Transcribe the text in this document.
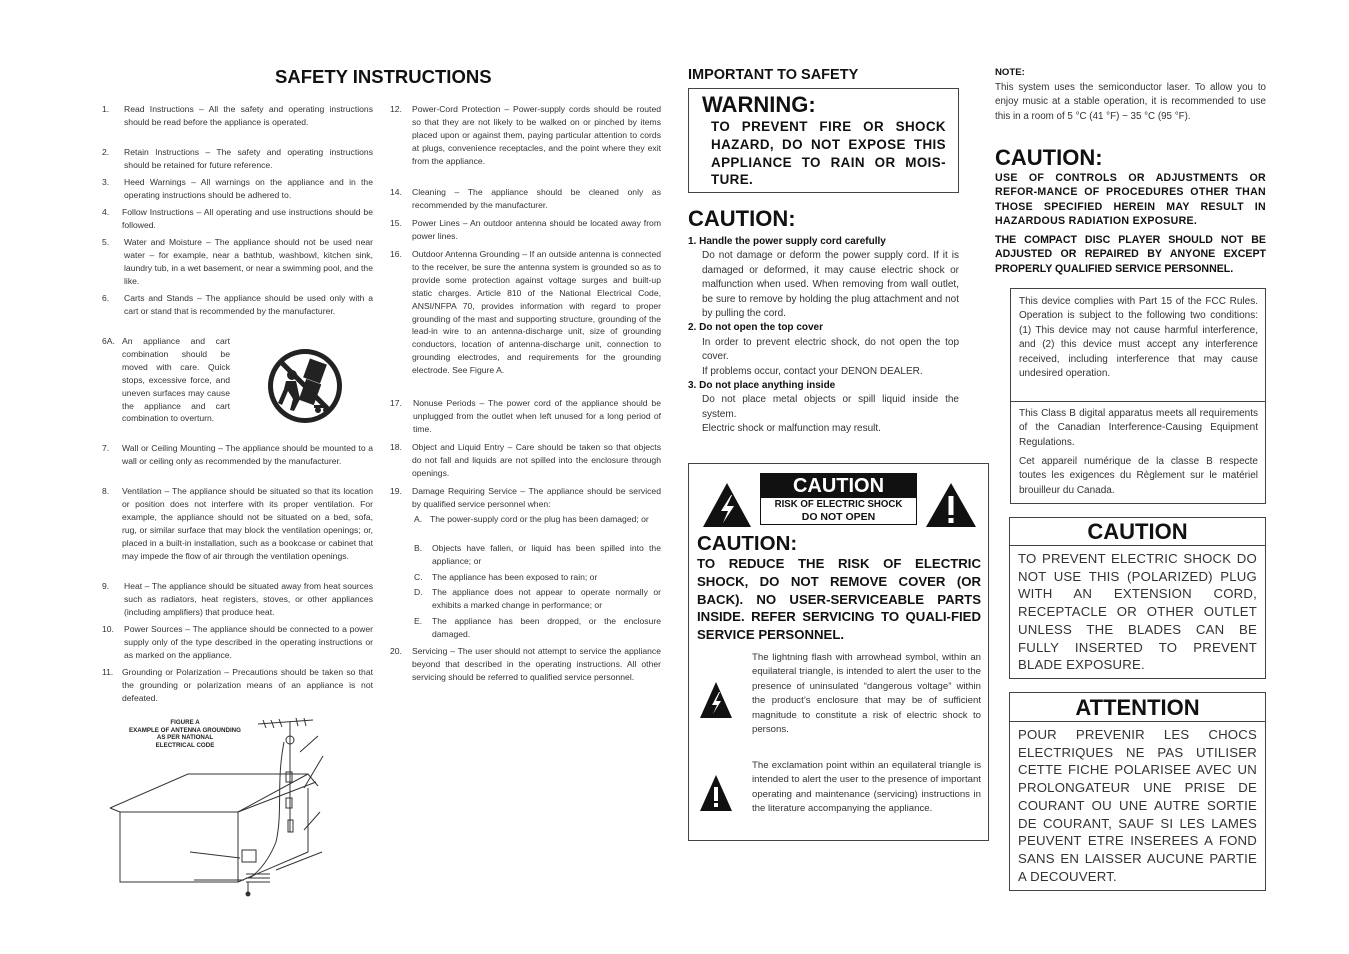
SAFETY INSTRUCTIONS
1. Read Instructions – All the safety and operating instructions should be read before the appliance is operated.
2. Retain Instructions – The safety and operating instructions should be retained for future reference.
3. Heed Warnings – All warnings on the appliance and in the operating instructions should be adhered to.
4. Follow Instructions – All operating and use instructions should be followed.
5. Water and Moisture – The appliance should not be used near water – for example, near a bathtub, washbowl, kitchen sink, laundry tub, in a wet basement, or near a swimming pool, and the like.
6. Carts and Stands – The appliance should be used only with a cart or stand that is recommended by the manufacturer.
6A. An appliance and cart combination should be moved with care. Quick stops, excessive force, and uneven surfaces may cause the appliance and cart combination to overturn.
7. Wall or Ceiling Mounting – The appliance should be mounted to a wall or ceiling only as recommended by the manufacturer.
8. Ventilation – The appliance should be situated so that its location or position does not interfere with its proper ventilation. For example, the appliance should not be situated on a bed, sofa, rug, or similar surface that may block the ventilation openings; or, placed in a built-in installation, such as a bookcase or cabinet that may impede the flow of air through the ventilation openings.
9. Heat – The appliance should be situated away from heat sources such as radiators, heat registers, stoves, or other appliances (including amplifiers) that produce heat.
10. Power Sources – The appliance should be connected to a power supply only of the type described in the operating instructions or as marked on the appliance.
11. Grounding or Polarization – Precautions should be taken so that the grounding or polarization means of an appliance is not defeated.
FIGURE A
EXAMPLE OF ANTENNA GROUNDING
AS PER NATIONAL
ELECTRICAL CODE
12. Power-Cord Protection – Power-supply cords should be routed so that they are not likely to be walked on or pinched by items placed upon or against them, paying particular attention to cords at plugs, convenience receptacles, and the point where they exit from the appliance.
14. Cleaning – The appliance should be cleaned only as recommended by the manufacturer.
15. Power Lines – An outdoor antenna should be located away from power lines.
16. Outdoor Antenna Grounding – If an outside antenna is connected to the receiver, be sure the antenna system is grounded so as to provide some protection against voltage surges and built-up static charges. Article 810 of the National Electrical Code, ANSI/NFPA 70, provides information with regard to proper grounding of the mast and supporting structure, grounding of the lead-in wire to an antenna-discharge unit, size of grounding conductors, location of antenna-discharge unit, connection to grounding electrodes, and requirements for the grounding electrode. See Figure A.
17. Nonuse Periods – The power cord of the appliance should be unplugged from the outlet when left unused for a long period of time.
18. Object and Liquid Entry – Care should be taken so that objects do not fall and liquids are not spilled into the enclosure through openings.
19. Damage Requiring Service – The appliance should be serviced by qualified service personnel when:
A. The power-supply cord or the plug has been damaged; or
B. Objects have fallen, or liquid has been spilled into the appliance; or
C. The appliance has been exposed to rain; or
D. The appliance does not appear to operate normally or exhibits a marked change in performance; or
E. The appliance has been dropped, or the enclosure damaged.
20. Servicing – The user should not attempt to service the appliance beyond that described in the operating instructions. All other servicing should be referred to qualified service personnel.
IMPORTANT TO SAFETY
WARNING:
TO PREVENT FIRE OR SHOCK HAZARD, DO NOT EXPOSE THIS APPLIANCE TO RAIN OR MOIS-TURE.
CAUTION:
1. Handle the power supply cord carefully
Do not damage or deform the power supply cord. If it is damaged or deformed, it may cause electric shock or malfunction when used. When removing from wall outlet, be sure to remove by holding the plug attachment and not by pulling the cord.
2. Do not open the top cover
In order to prevent electric shock, do not open the top cover.
If problems occur, contact your DENON DEALER.
3. Do not place anything inside
Do not place metal objects or spill liquid inside the system.
Electric shock or malfunction may result.
CAUTION
RISK OF ELECTRIC SHOCK
DO NOT OPEN
CAUTION:
TO REDUCE THE RISK OF ELECTRIC SHOCK, DO NOT REMOVE COVER (OR BACK). NO USER-SERVICEABLE PARTS INSIDE. REFER SERVICING TO QUALI-FIED SERVICE PERSONNEL.
The lightning flash with arrowhead symbol, within an equilateral triangle, is intended to alert the user to the presence of uninsulated “dangerous voltage” within the product’s enclosure that may be of sufficient magnitude to constitute a risk of electric shock to persons.
The exclamation point within an equilateral triangle is intended to alert the user to the presence of important operating and maintenance (servicing) instructions in the literature accompanying the appliance.
NOTE:
This system uses the semiconductor laser. To allow you to enjoy music at a stable operation, it is recommended to use this in a room of 5 °C (41 °F) ~ 35 °C (95 °F).
CAUTION:
USE OF CONTROLS OR ADJUSTMENTS OR REFOR-MANCE OF PROCEDURES OTHER THAN THOSE SPECIFIED HEREIN MAY RESULT IN HAZARDOUS RADIATION EXPOSURE.
THE COMPACT DISC PLAYER SHOULD NOT BE ADJUSTED OR REPAIRED BY ANYONE EXCEPT PROPERLY QUALIFIED SERVICE PERSONNEL.
This device complies with Part 15 of the FCC Rules. Operation is subject to the following two conditions: (1) This device may not cause harmful interference, and (2) this device must accept any interference received, including interference that may cause undesired operation.
This Class B digital apparatus meets all requirements of the Canadian Interference-Causing Equipment Regulations.
Cet appareil numérique de la classe B respecte toutes les exigences du Règlement sur le matériel brouilleur du Canada.
CAUTION
TO PREVENT ELECTRIC SHOCK DO NOT USE THIS (POLARIZED) PLUG WITH AN EXTENSION CORD, RECEPTACLE OR OTHER OUTLET UNLESS THE BLADES CAN BE FULLY INSERTED TO PREVENT BLADE EXPOSURE.
ATTENTION
POUR PREVENIR LES CHOCS ELECTRIQUES NE PAS UTILISER CETTE FICHE POLARISEE AVEC UN PROLONGATEUR UNE PRISE DE COURANT OU UNE AUTRE SORTIE DE COURANT, SAUF SI LES LAMES PEUVENT ETRE INSEREES A FOND SANS EN LAISSER AUCUNE PARTIE A DECOUVERT.
